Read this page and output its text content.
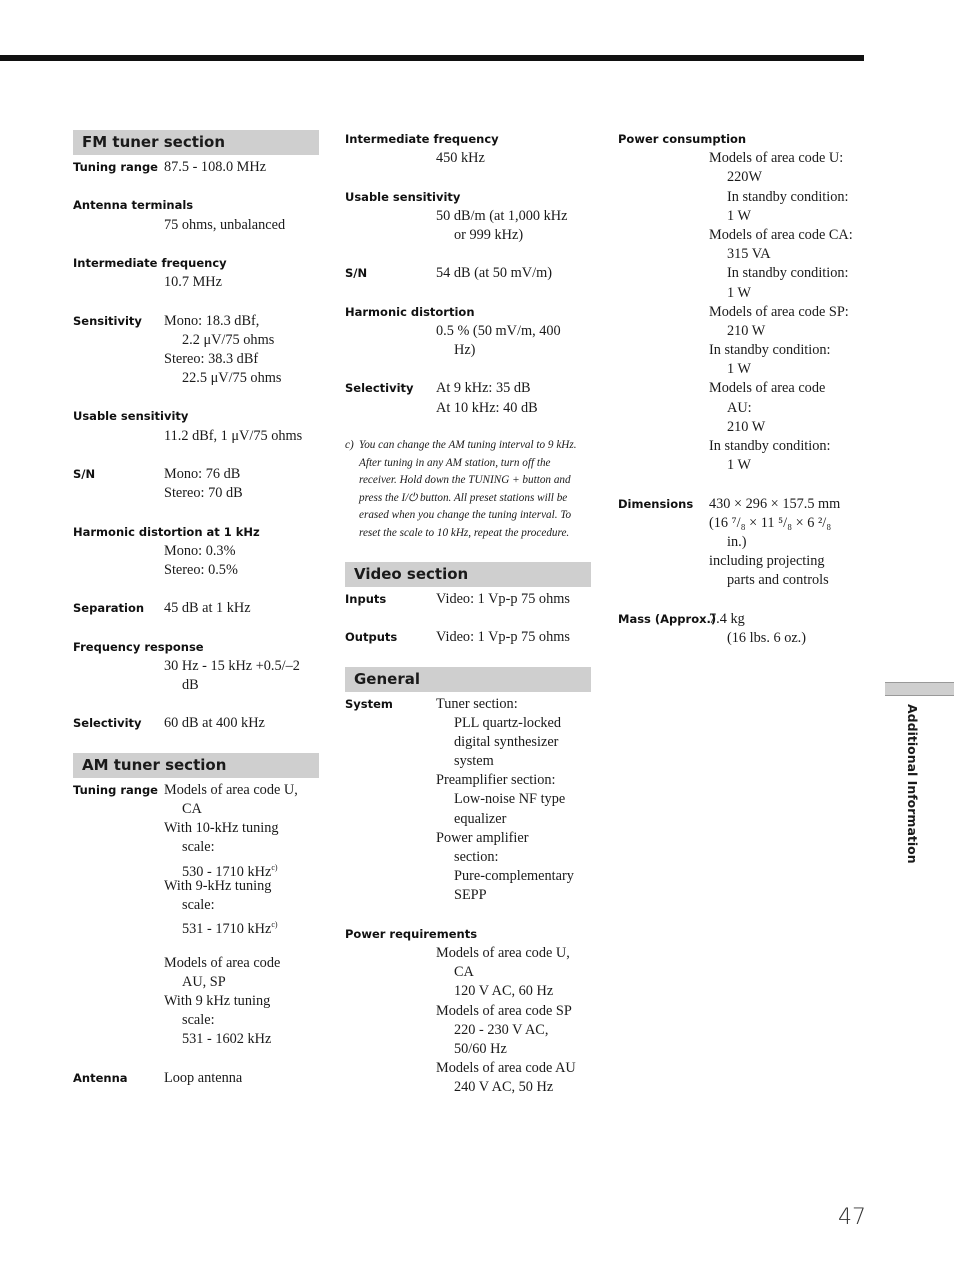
FM tuner section
Tuning range 87.5 - 108.0 MHz
Antenna terminals
75 ohms, unbalanced
Intermediate frequency
10.7 MHz
Sensitivity Mono: 18.3 dBf,
2.2 μV/75 ohms
Stereo: 38.3 dBf
22.5 μV/75 ohms
Usable sensitivity
11.2 dBf, 1 μV/75 ohms
S/N	Mono: 76 dB
Stereo: 70 dB
Harmonic distortion at 1 kHz
Mono: 0.3%
Stereo: 0.5%
Separation 45 dB at 1 kHz
Frequency response
30 Hz - 15 kHz +0.5/–2
dB
Selectivity 60 dB at 400 kHz
AM tuner section
Tuning range Models of area code U,
CA
With 10-kHz tuning
scale:
530 - 1710 kHz$^{c)}$
With 9-kHz tuning
scale:
531 - 1710 kHz$^{c)}$
Models of area code
AU, SP
With 9 kHz tuning
scale:
531 - 1602 kHz
Antenna	Loop antenna
Intermediate frequency
450 kHz
Usable sensitivity
50 dB/m (at 1,000 kHz
or 999 kHz)
S/N	54 dB (at 50 mV/m)
Harmonic distortion
0.5 % (50 mV/m, 400
Hz)
Selectivity At 9 kHz: 35 dB
At 10 kHz: 40 dB
c) You can change the AM tuning interval to 9 kHz. After tuning in any AM station, turn off the receiver. Hold down the TUNING + button and press the I/⏻ button. All preset stations will be erased when you change the tuning interval. To reset the scale to 10 kHz, repeat the procedure.
Video section
Inputs	Video: 1 Vp-p 75 ohms
Outputs	Video: 1 Vp-p 75 ohms
General
System	Tuner section:
PLL quartz-locked
digital synthesizer
system
Preamplifier section:
Low-noise NF type
equalizer
Power amplifier
section:
Pure-complementary
SEPP
Power requirements
Models of area code U,
CA
120 V AC, 60 Hz
Models of area code SP
220 - 230 V AC,
50/60 Hz
Models of area code AU
240 V AC, 50 Hz
Power consumption
Models of area code U:
220W
In standby condition:
1 W
Models of area code CA:
315 VA
In standby condition:
1 W
Models of area code SP:
210 W
In standby condition:
1 W
Models of area code
AU:
210 W
In standby condition:
1 W
Dimensions 430 × 296 × 157.5 mm
(16 ⁷/₈ × 11 ⁵/₈ × 6 ²/₈
in.)
including projecting
parts and controls
Mass (Approx.)
7.4 kg
(16 lbs. 6 oz.)
Additional Information
47
